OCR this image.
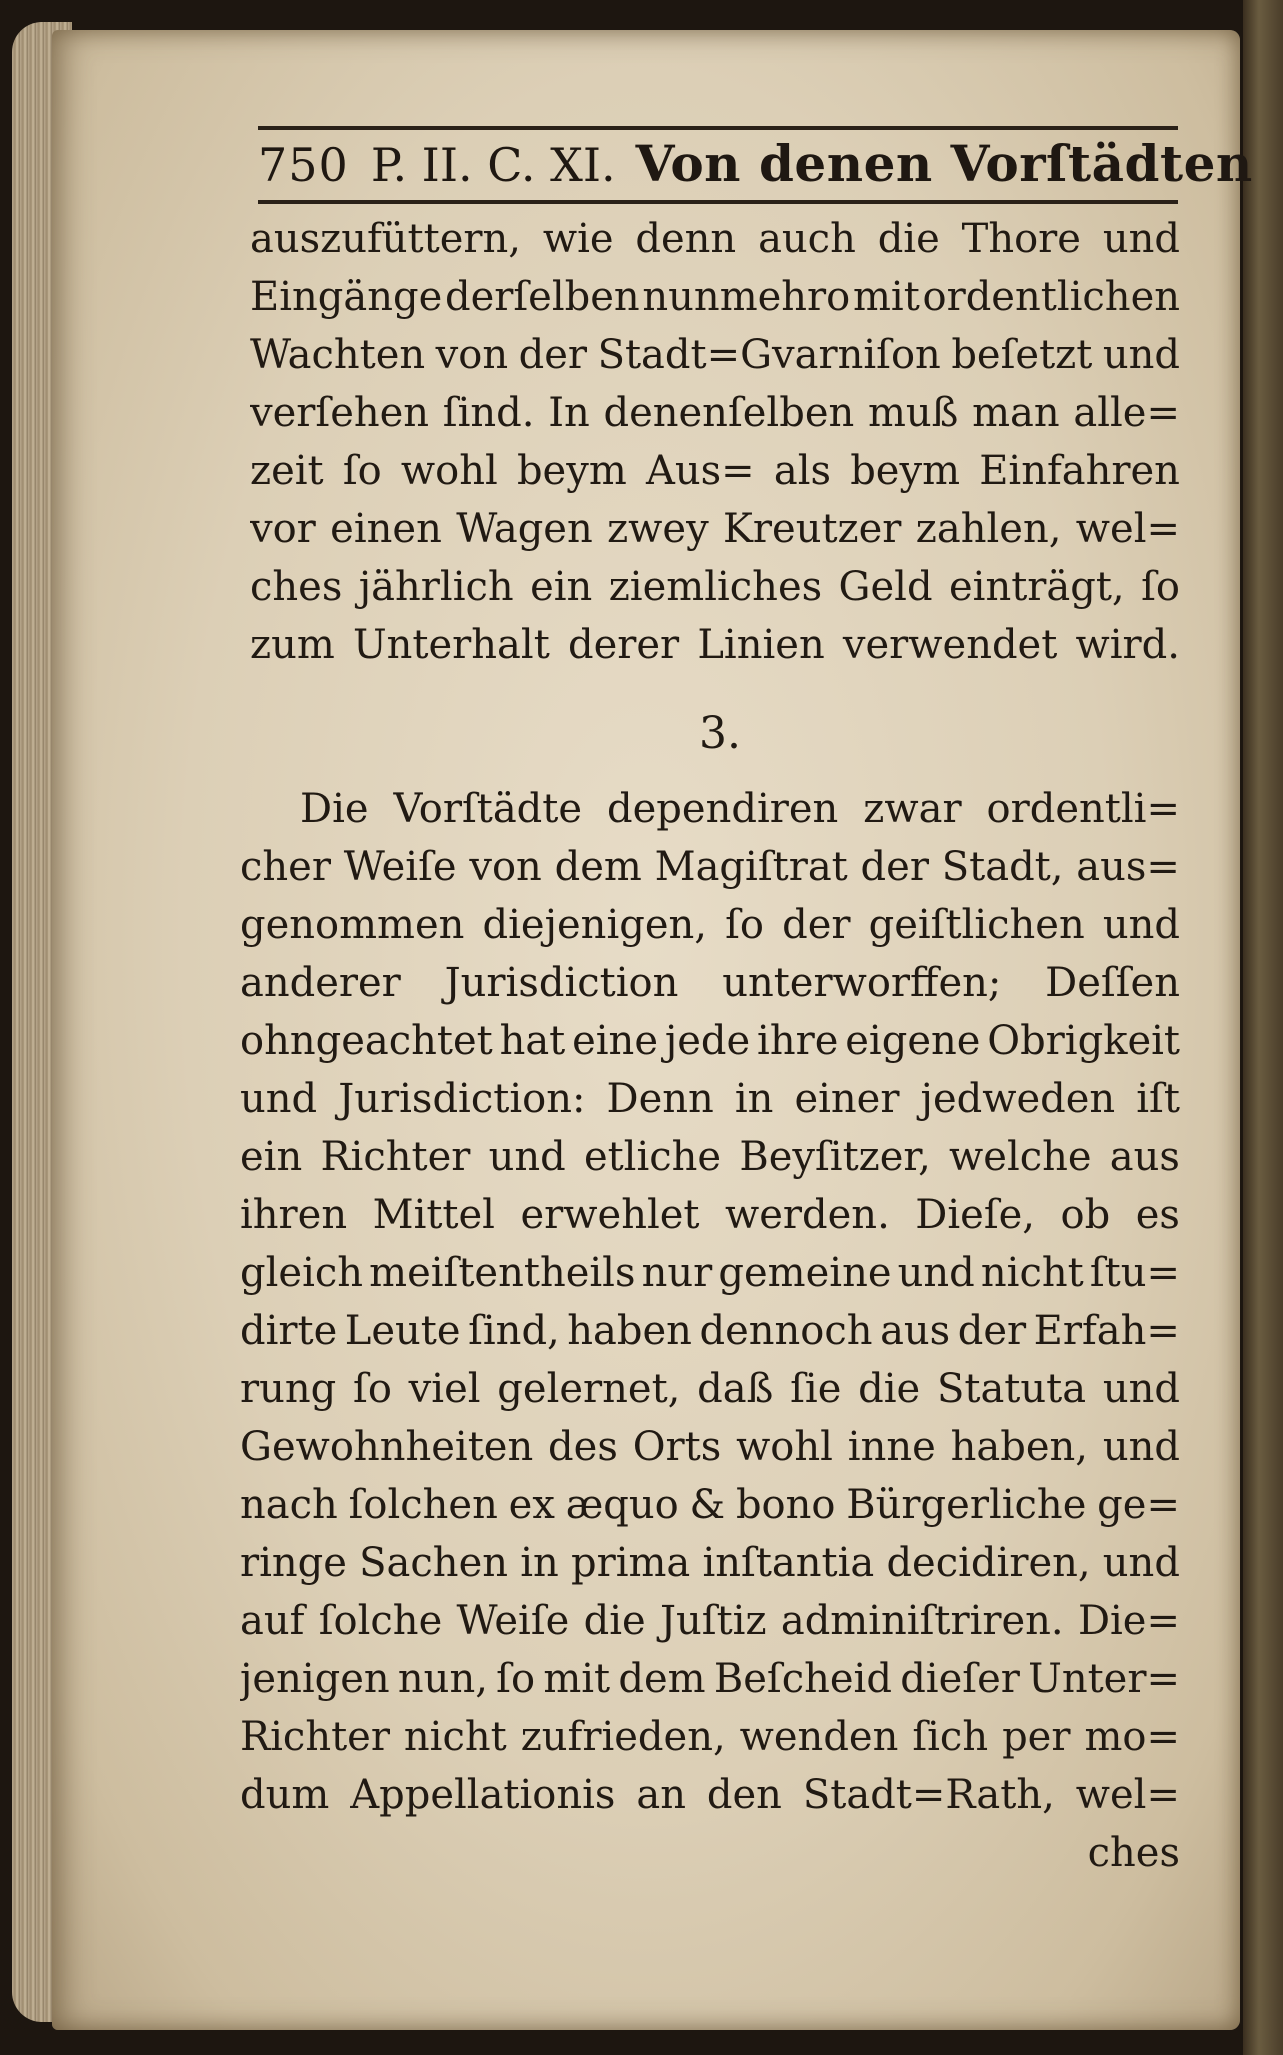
750 P. II. C. XI. Von denen Vorſtädten
auszufüttern, wie denn auch die Thore und
Eingänge derſelben nunmehro mit ordentlichen
Wachten von der Stadt=Gvarniſon beſetzt und
verſehen ſind. In denenſelben muß man alle=
zeit ſo wohl beym Aus= als beym Einfahren
vor einen Wagen zwey Kreutzer zahlen, wel=
ches jährlich ein ziemliches Geld einträgt, ſo
zum Unterhalt derer Linien verwendet wird.
3.
Die Vorſtädte dependiren zwar ordentli=
cher Weiſe von dem Magiſtrat der Stadt, aus=
genommen diejenigen, ſo der geiſtlichen und
anderer Jurisdiction unterworffen; Deſſen
ohngeachtet hat eine jede ihre eigene Obrigkeit
und Jurisdiction: Denn in einer jedweden iſt
ein Richter und etliche Beyſitzer, welche aus
ihren Mittel erwehlet werden. Dieſe, ob es
gleich meiſtentheils nur gemeine und nicht ſtu=
dirte Leute ſind, haben dennoch aus der Erfah=
rung ſo viel gelernet, daß ſie die Statuta und
Gewohnheiten des Orts wohl inne haben, und
nach ſolchen ex æquo & bono Bürgerliche ge=
ringe Sachen in prima inſtantia decidiren, und
auf ſolche Weiſe die Juſtiz adminiſtriren. Die=
jenigen nun, ſo mit dem Beſcheid dieſer Unter=
Richter nicht zufrieden, wenden ſich per mo=
dum Appellationis an den Stadt=Rath, wel=
ches
